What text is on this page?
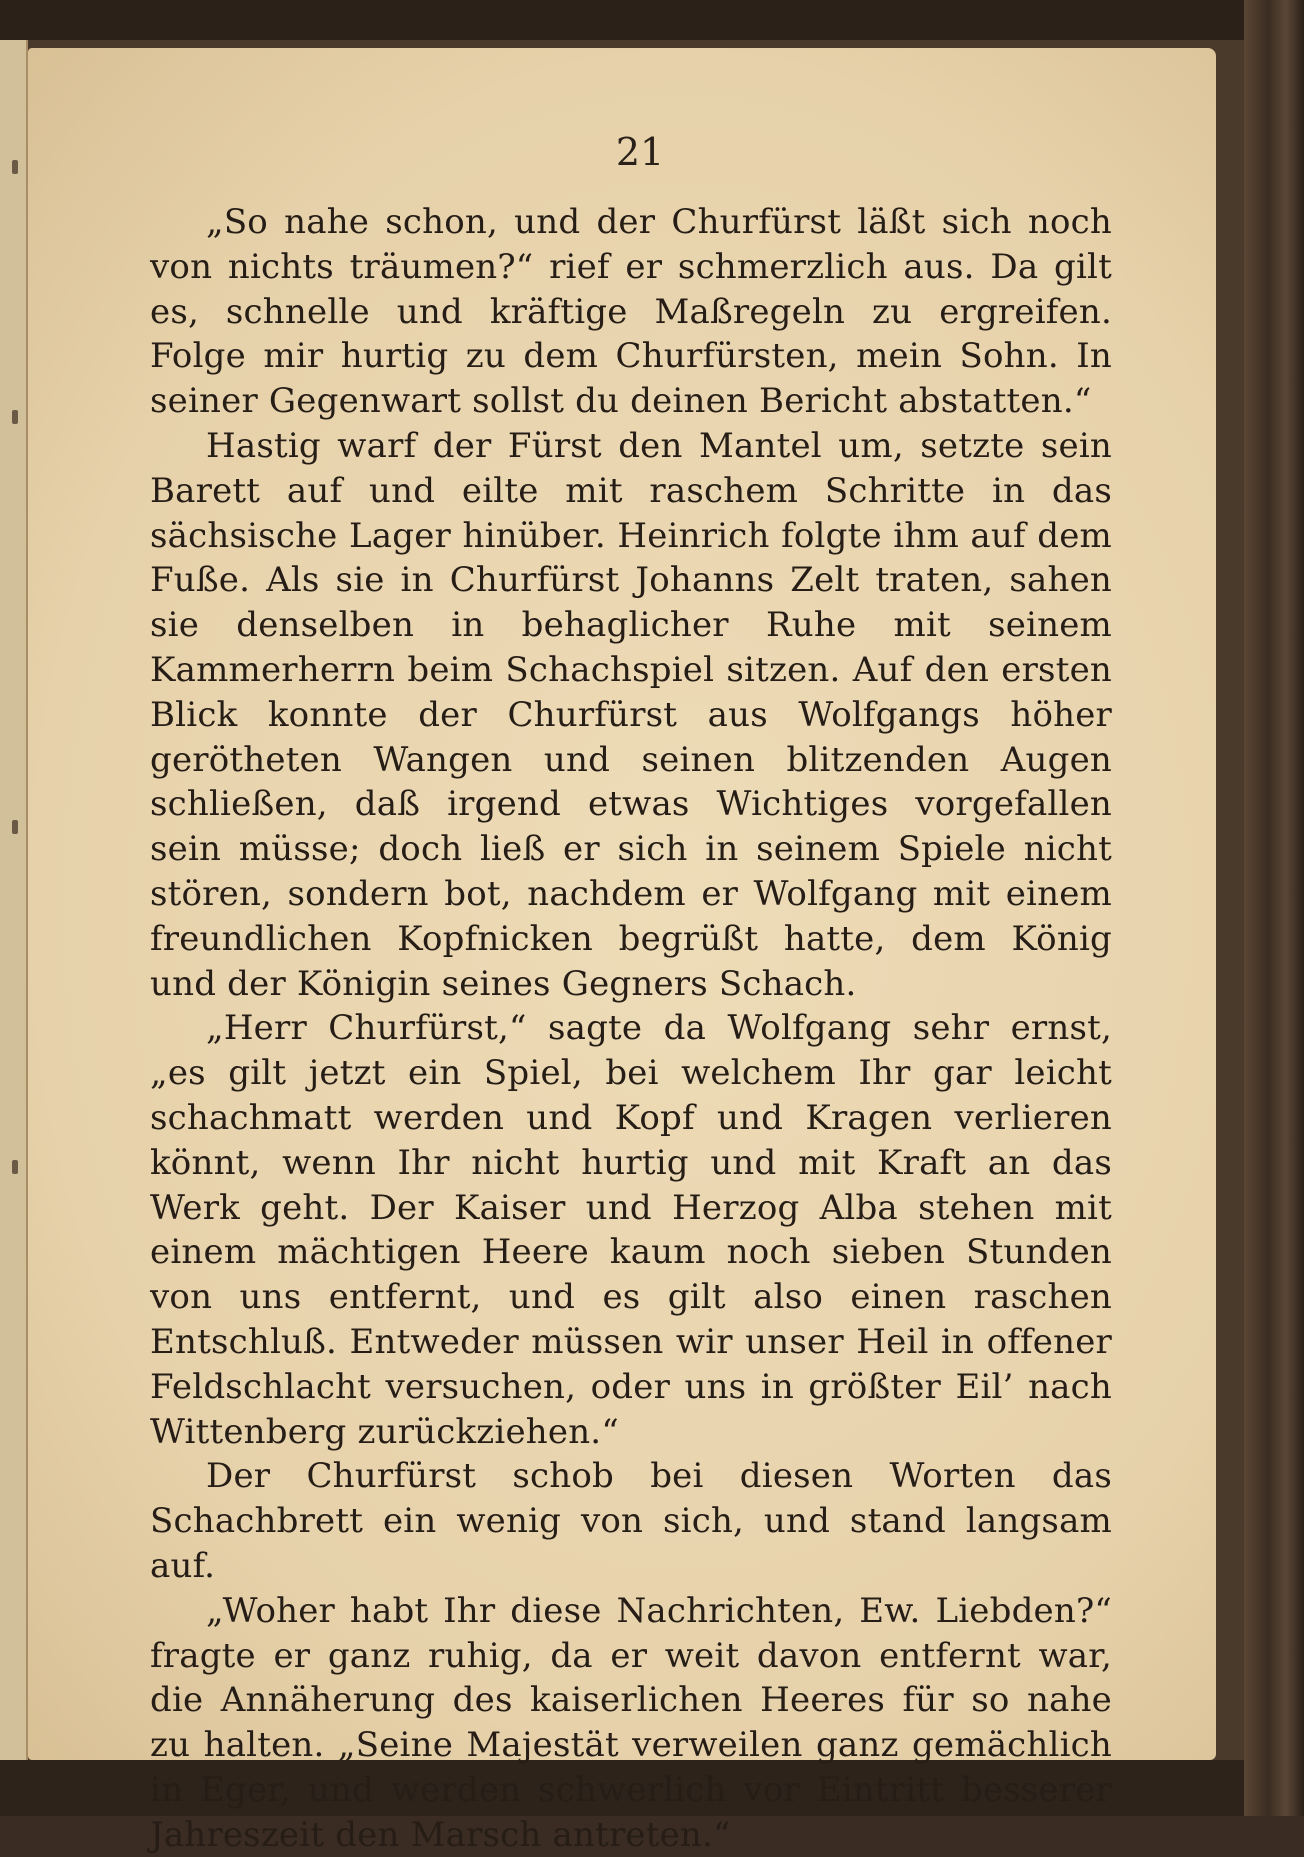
21

„So nahe schon, und der Churfürst läßt sich noch von nichts träumen?“ rief er schmerzlich aus. Da gilt es, schnelle und kräftige Maßregeln zu ergreifen. Folge mir hurtig zu dem Churfürsten, mein Sohn. In seiner Gegenwart sollst du deinen Bericht abstatten.“

Hastig warf der Fürst den Mantel um, setzte sein Barett auf und eilte mit raschem Schritte in das sächsische Lager hinüber. Heinrich folgte ihm auf dem Fuße. Als sie in Churfürst Johanns Zelt traten, sahen sie denselben in behaglicher Ruhe mit seinem Kammerherrn beim Schachspiel sitzen. Auf den ersten Blick konnte der Churfürst aus Wolfgangs höher gerötheten Wangen und seinen blitzenden Augen schließen, daß irgend etwas Wichtiges vorgefallen sein müsse; doch ließ er sich in seinem Spiele nicht stören, sondern bot, nachdem er Wolfgang mit einem freundlichen Kopfnicken begrüßt hatte, dem König und der Königin seines Gegners Schach.

„Herr Churfürst,“ sagte da Wolfgang sehr ernst, „es gilt jetzt ein Spiel, bei welchem Ihr gar leicht schachmatt werden und Kopf und Kragen verlieren könnt, wenn Ihr nicht hurtig und mit Kraft an das Werk geht. Der Kaiser und Herzog Alba stehen mit einem mächtigen Heere kaum noch sieben Stunden von uns entfernt, und es gilt also einen raschen Entschluß. Entweder müssen wir unser Heil in offener Feldschlacht versuchen, oder uns in größter Eil’ nach Wittenberg zurückziehen.“

Der Churfürst schob bei diesen Worten das Schachbrett ein wenig von sich, und stand langsam auf.

„Woher habt Ihr diese Nachrichten, Ew. Liebden?“ fragte er ganz ruhig, da er weit davon entfernt war, die Annäherung des kaiserlichen Heeres für so nahe zu halten. „Seine Majestät verweilen ganz gemächlich in Eger, und werden schwerlich vor Eintritt besserer Jahreszeit den Marsch antreten.“
